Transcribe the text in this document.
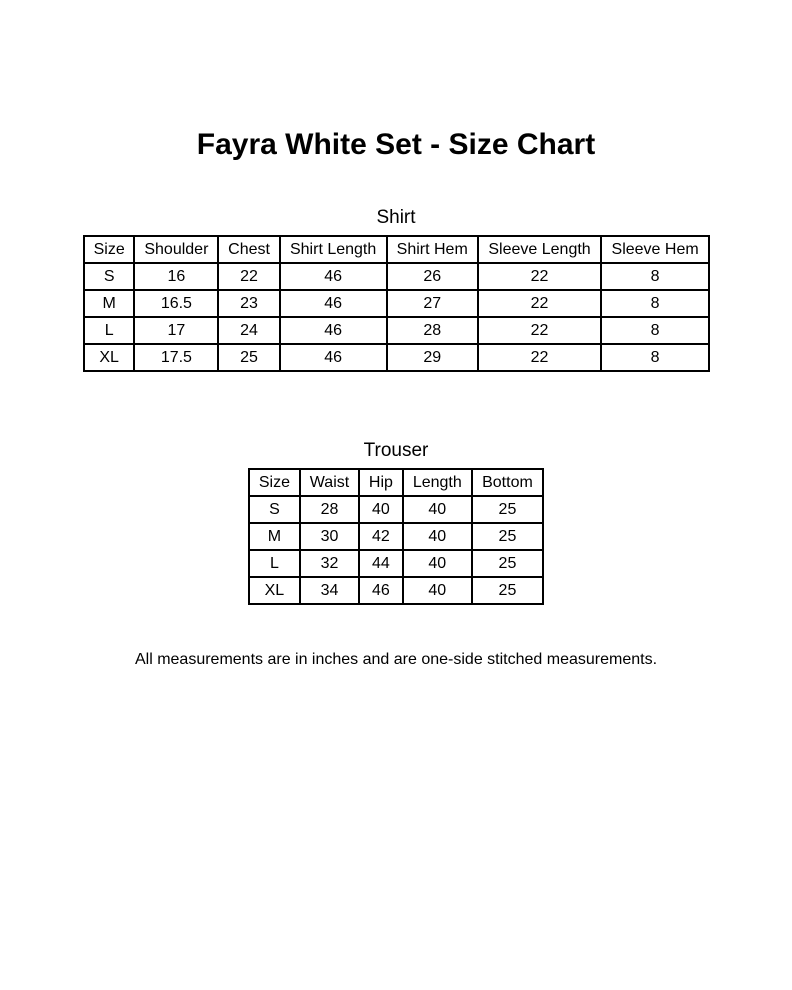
Fayra White Set - Size Chart
Shirt
Size	Shoulder	Chest	Shirt Length	Shirt Hem	Sleeve Length	Sleeve Hem
S	16	22	46	26	22	8
M	16.5	23	46	27	22	8
L	17	24	46	28	22	8
XL	17.5	25	46	29	22	8
Trouser
Size	Waist	Hip	Length	Bottom
S	28	40	40	25
M	30	42	40	25
L	32	44	40	25
XL	34	46	40	25
All measurements are in inches and are one-side stitched measurements.
